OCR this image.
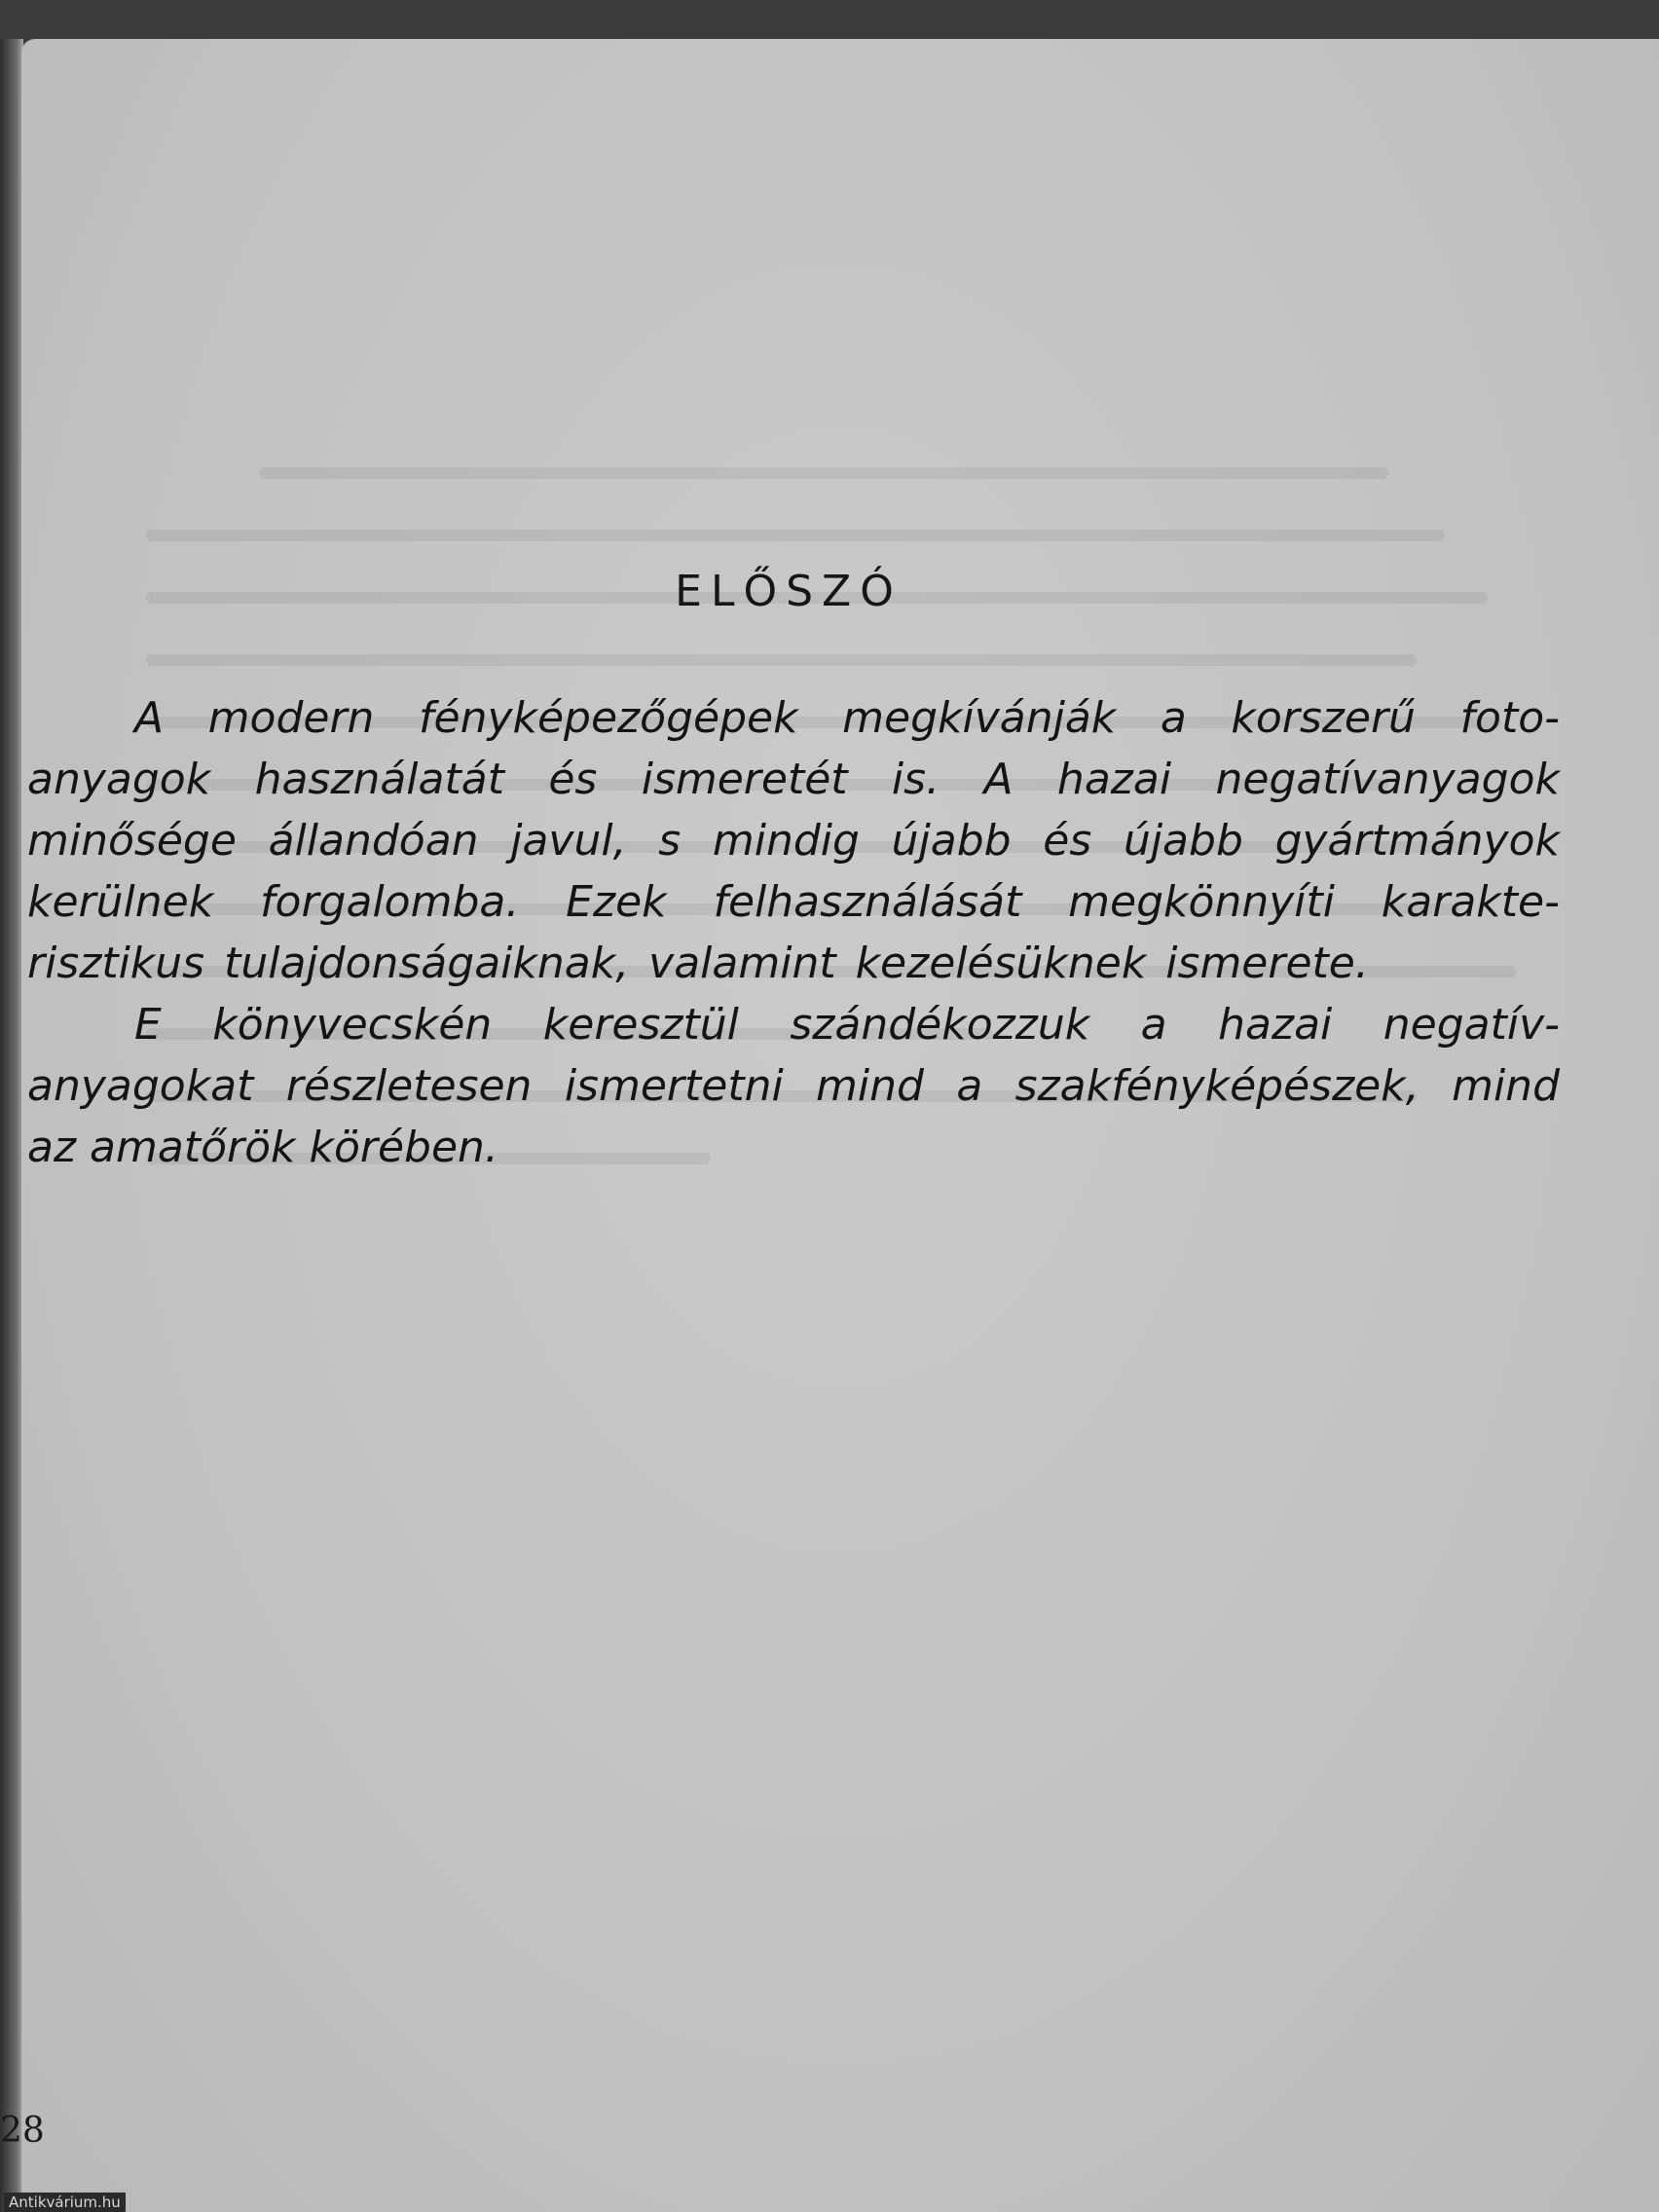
ELŐSZÓ
A modern fényképezőgépek megkívánják a korszerű foto-
anyagok használatát és ismeretét is. A hazai negatívanyagok
minősége állandóan javul, s mindig újabb és újabb gyártmányok
kerülnek forgalomba. Ezek felhasználását megkönnyíti karakte-
risztikus tulajdonságaiknak, valamint kezelésüknek ismerete.
E könyvecskén keresztül szándékozzuk a hazai negatív-
anyagokat részletesen ismertetni mind a szakfényképészek, mind
az amatőrök körében.
28
Antikvárium.hu
